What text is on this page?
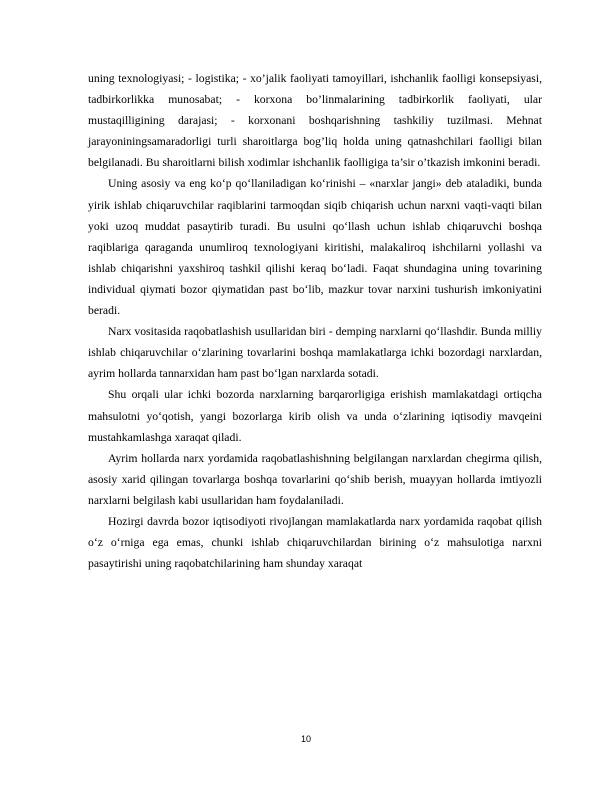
uning texnologiyasi; - logistika; - xo’jalik faoliyati tamoyillari, ishchanlik faolligi konsepsiyasi, tadbirkorlikka munosabat; - korxona bo’linmalarining tadbirkorlik faoliyati, ular mustaqilligining darajasi; - korxonani boshqarishning tashkiliy tuzilmasi. Mehnat jarayoniningsamaradorligi turli sharoitlarga bog’liq holda uning qatnashchilari faolligi bilan belgilanadi. Bu sharoitlarni bilish xodimlar ishchanlik faolligiga ta’sir o’tkazish imkonini beradi.

Uning asosiy va eng ko‘p qo‘llaniladigan ko‘rinishi – «narxlar jangi» deb ataladiki, bunda yirik ishlab chiqaruvchilar raqiblarini tarmoqdan siqib chiqarish uchun narxni vaqti-vaqti bilan yoki uzoq muddat pasaytirib turadi. Bu usulni qo‘llash uchun ishlab chiqaruvchi boshqa raqiblariga qaraganda unumliroq texnologiyani kiritishi, malakaliroq ishchilarni yollashi va ishlab chiqarishni yaxshiroq tashkil qilishi keraq bo‘ladi. Faqat shundagina uning tovarining individual qiymati bozor qiymatidan past bo‘lib, mazkur tovar narxini tushurish imkoniyatini beradi.

Narx vositasida raqobatlashish usullaridan biri - demping narxlarni qo‘llashdir. Bunda milliy ishlab chiqaruvchilar o‘zlarining tovarlarini boshqa mamlakatlarga ichki bozordagi narxlardan, ayrim hollarda tannarxidan ham past bo‘lgan narxlarda sotadi.

Shu orqali ular ichki bozorda narxlarning barqarorligiga erishish mamlakatdagi ortiqcha mahsulotni yo‘qotish, yangi bozorlarga kirib olish va unda o‘zlarining iqtisodiy mavqeini mustahkamlashga xaraqat qiladi.

Ayrim hollarda narx yordamida raqobatlashishning belgilangan narxlardan chegirma qilish, asosiy xarid qilingan tovarlarga boshqa tovarlarini qo‘shib berish, muayyan hollarda imtiyozli narxlarni belgilash kabi usullaridan ham foydalaniladi.

Hozirgi davrda bozor iqtisodiyoti rivojlangan mamlakatlarda narx yordamida raqobat qilish o‘z o‘rniga ega emas, chunki ishlab chiqaruvchilardan birining o‘z mahsulotiga narxni pasaytirishi uning raqobatchilarining ham shunday xaraqat

10
